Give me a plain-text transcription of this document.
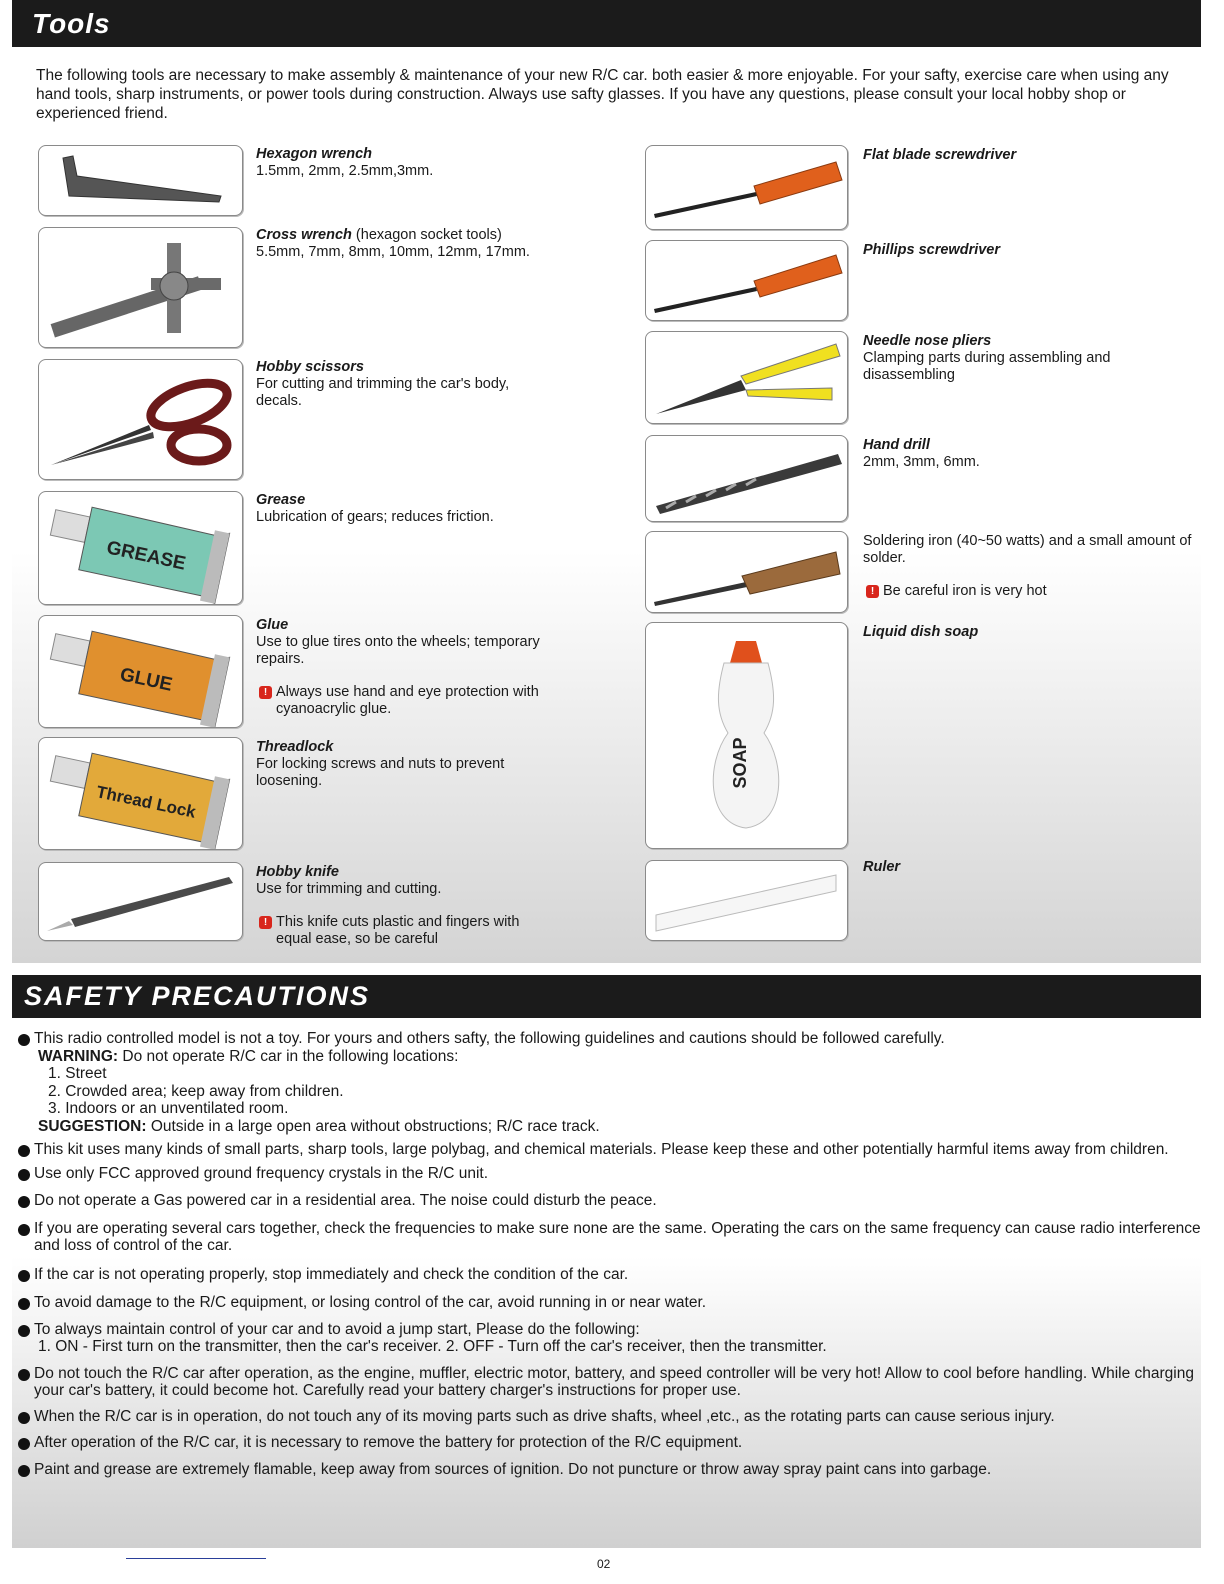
Tools
The following tools are necessary to make assembly & maintenance of your new R/C car. both easier & more enjoyable. For your safty, exercise care when using any hand tools, sharp instruments, or power tools during construction. Always use safty glasses. If you have any questions, please consult your local hobby shop or experienced friend.
Hexagon wrench
1.5mm, 2mm, 2.5mm,3mm.
Cross wrench (hexagon socket tools)
5.5mm, 7mm, 8mm, 10mm, 12mm, 17mm.
Hobby scissors
For cutting and trimming the car's body, decals.
GREASE
Grease
Lubrication of gears; reduces friction.
GLUE
Glue
Use to glue tires onto the wheels; temporary repairs.
! Always use hand and eye protection with cyanoacrylic glue.
Thread Lock
Threadlock
For locking screws and nuts to prevent loosening.
Hobby knife
Use for trimming and cutting.
! This knife cuts plastic and fingers with equal ease, so be careful
Flat blade screwdriver
Phillips screwdriver
Needle nose pliers
Clamping parts during assembling and disassembling
Hand drill
2mm, 3mm, 6mm.
Soldering iron (40~50 watts) and a small amount of solder.
! Be careful iron is very hot
SOAP
Liquid dish soap
Ruler
SAFETY PRECAUTIONS
This radio controlled model is not a toy. For yours and others safty, the following guidelines and cautions should be followed carefully.
WARNING: Do not operate R/C car in the following locations:
1. Street
2. Crowded area; keep away from children.
3. Indoors or an unventilated room.
SUGGESTION: Outside in a large open area without obstructions; R/C race track.
This kit uses many kinds of small parts, sharp tools, large polybag, and chemical materials. Please keep these and other potentially harmful items away from children.
Use only FCC approved ground frequency crystals in the R/C unit.
Do not operate a Gas powered car in a residential area. The noise could disturb the peace.
If you are operating several cars together, check the frequencies to make sure none are the same. Operating the cars on the same frequency can cause radio interference and loss of control of the car.
If the car is not operating properly, stop immediately and check the condition of the car.
To avoid damage to the R/C equipment, or losing control of the car, avoid running in or near water.
To always maintain control of your car and to avoid a jump start, Please do the following:
1. ON - First turn on the transmitter, then the car's receiver. 2. OFF - Turn off the car's receiver, then the transmitter.
Do not touch the R/C car after operation, as the engine, muffler, electric motor, battery, and speed controller will be very hot! Allow to cool before handling. While charging your car's battery, it could become hot. Carefully read your battery charger's instructions for proper use.
When the R/C car is in operation, do not touch any of its moving parts such as drive shafts, wheel ,etc., as the rotating parts can cause serious injury.
After operation of the R/C car, it is necessary to remove the battery for protection of the R/C equipment.
Paint and grease are extremely flamable, keep away from sources of ignition. Do not puncture or throw away spray paint cans into garbage.
02
